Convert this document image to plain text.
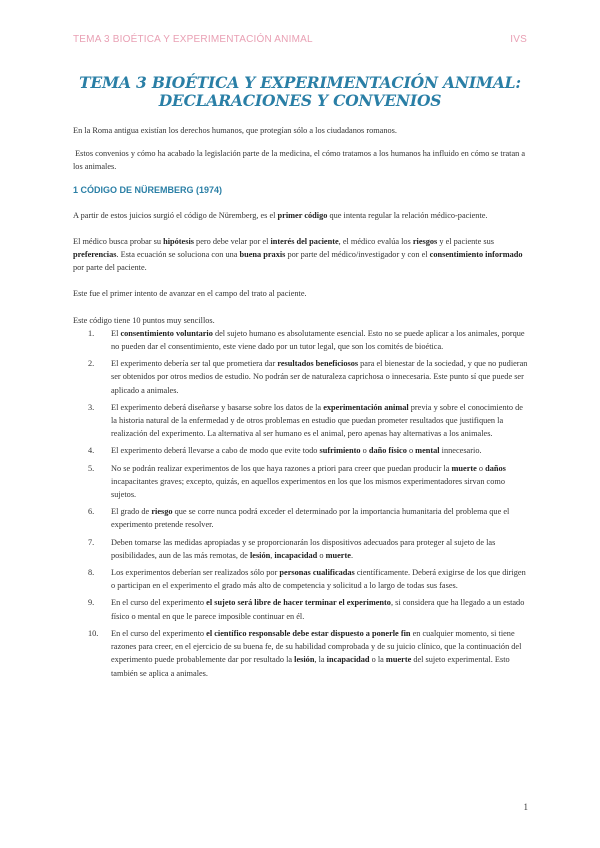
TEMA 3 BIOÉTICA Y EXPERIMENTACIÓN ANIMAL	IVS
TEMA 3 BIOÉTICA Y EXPERIMENTACIÓN ANIMAL:
DECLARACIONES Y CONVENIOS

En la Roma antigua existían los derechos humanos, que protegían sólo a los ciudadanos romanos.

Estos convenios y cómo ha acabado la legislación parte de la medicina, el cómo tratamos a los humanos ha influido en cómo se tratan a los animales.

1 CÓDIGO DE NÜREMBERG (1974)

A partir de estos juicios surgió el código de Nüremberg, es el primer código que intenta regular la relación médico-paciente.

El médico busca probar su hipótesis pero debe velar por el interés del paciente, el médico evalúa los riesgos y el paciente sus preferencias. Esta ecuación se soluciona con una buena praxis por parte del médico/investigador y con el consentimiento informado por parte del paciente.

Este fue el primer intento de avanzar en el campo del trato al paciente.

Este código tiene 10 puntos muy sencillos.

1. El consentimiento voluntario del sujeto humano es absolutamente esencial. Esto no se puede aplicar a los animales, porque no pueden dar el consentimiento, este viene dado por un tutor legal, que son los comités de bioética.
2. El experimento debería ser tal que prometiera dar resultados beneficiosos para el bienestar de la sociedad, y que no pudieran ser obtenidos por otros medios de estudio. No podrán ser de naturaleza caprichosa o innecesaria. Este punto sí que puede ser aplicado a animales.
3. El experimento deberá diseñarse y basarse sobre los datos de la experimentación animal previa y sobre el conocimiento de la historia natural de la enfermedad y de otros problemas en estudio que puedan prometer resultados que justifiquen la realización del experimento. La alternativa al ser humano es el animal, pero apenas hay alternativas a los animales.
4. El experimento deberá llevarse a cabo de modo que evite todo sufrimiento o daño físico o mental innecesario.
5. No se podrán realizar experimentos de los que haya razones a priori para creer que puedan producir la muerte o daños incapacitantes graves; excepto, quizás, en aquellos experimentos en los que los mismos experimentadores sirvan como sujetos.
6. El grado de riesgo que se corre nunca podrá exceder el determinado por la importancia humanitaria del problema que el experimento pretende resolver.
7. Deben tomarse las medidas apropiadas y se proporcionarán los dispositivos adecuados para proteger al sujeto de las posibilidades, aun de las más remotas, de lesión, incapacidad o muerte.
8. Los experimentos deberían ser realizados sólo por personas cualificadas científicamente. Deberá exigirse de los que dirigen o participan en el experimento el grado más alto de competencia y solicitud a lo largo de todas sus fases.
9. En el curso del experimento el sujeto será libre de hacer terminar el experimento, si considera que ha llegado a un estado físico o mental en que le parece imposible continuar en él.
10. En el curso del experimento el científico responsable debe estar dispuesto a ponerle fin en cualquier momento, si tiene razones para creer, en el ejercicio de su buena fe, de su habilidad comprobada y de su juicio clínico, que la continuación del experimento puede probablemente dar por resultado la lesión, la incapacidad o la muerte del sujeto experimental. Esto también se aplica a animales.
1
